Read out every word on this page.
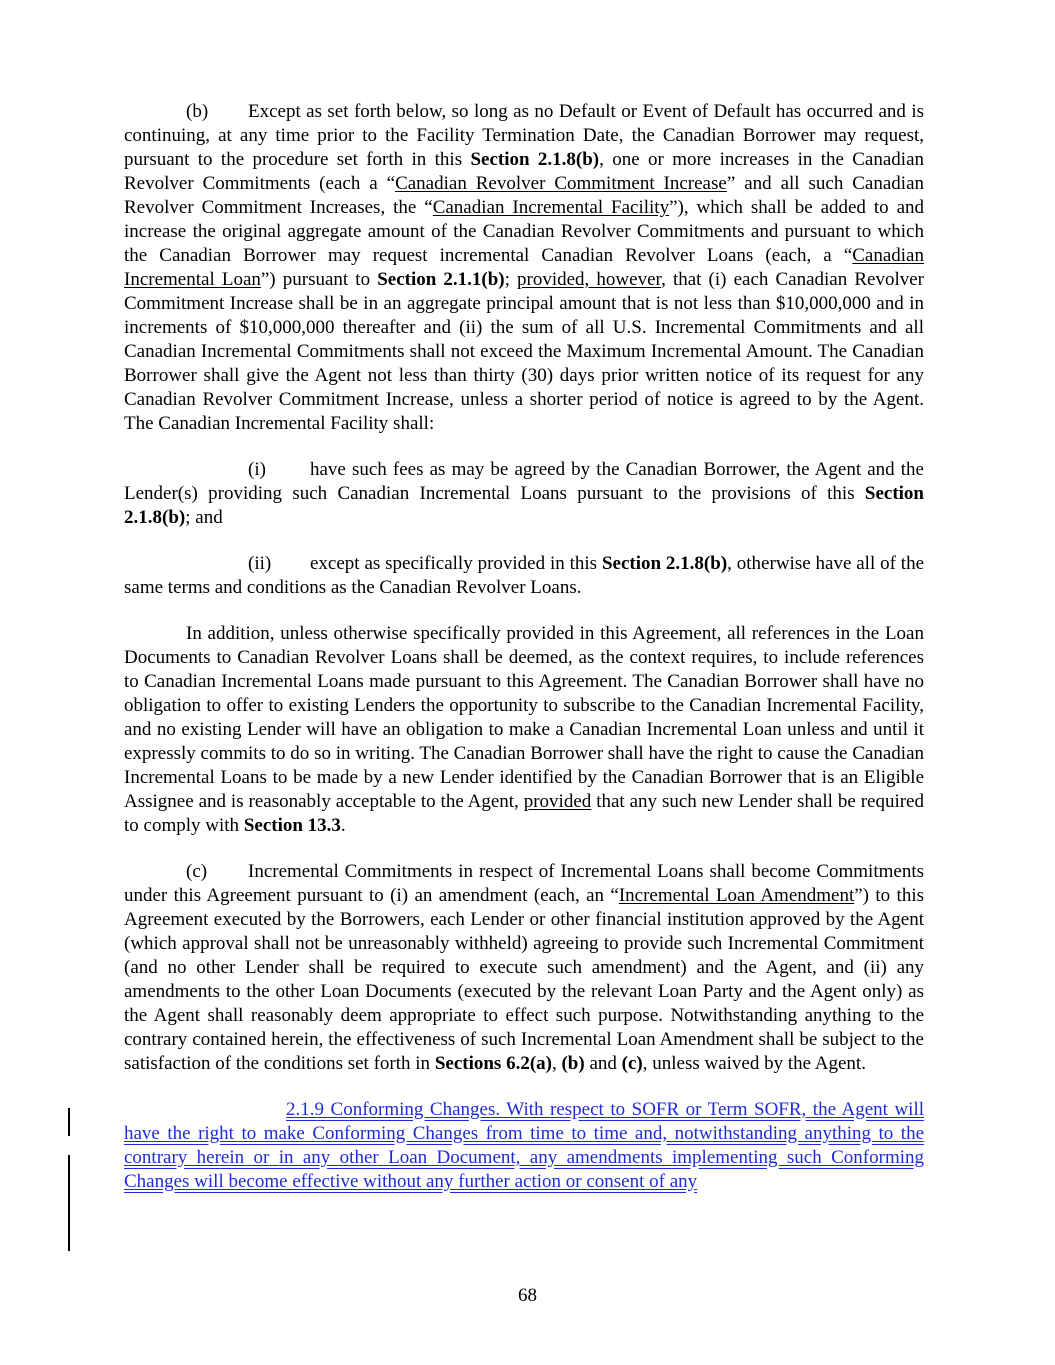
(b) Except as set forth below, so long as no Default or Event of Default has occurred and is continuing, at any time prior to the Facility Termination Date, the Canadian Borrower may request, pursuant to the procedure set forth in this Section 2.1.8(b), one or more increases in the Canadian Revolver Commitments (each a “Canadian Revolver Commitment Increase” and all such Canadian Revolver Commitment Increases, the “Canadian Incremental Facility”), which shall be added to and increase the original aggregate amount of the Canadian Revolver Commitments and pursuant to which the Canadian Borrower may request incremental Canadian Revolver Loans (each, a “Canadian Incremental Loan”) pursuant to Section 2.1.1(b); provided, however, that (i) each Canadian Revolver Commitment Increase shall be in an aggregate principal amount that is not less than $10,000,000 and in increments of $10,000,000 thereafter and (ii) the sum of all U.S. Incremental Commitments and all Canadian Incremental Commitments shall not exceed the Maximum Incremental Amount. The Canadian Borrower shall give the Agent not less than thirty (30) days prior written notice of its request for any Canadian Revolver Commitment Increase, unless a shorter period of notice is agreed to by the Agent. The Canadian Incremental Facility shall:

(i) have such fees as may be agreed by the Canadian Borrower, the Agent and the Lender(s) providing such Canadian Incremental Loans pursuant to the provisions of this Section 2.1.8(b); and

(ii) except as specifically provided in this Section 2.1.8(b), otherwise have all of the same terms and conditions as the Canadian Revolver Loans.

In addition, unless otherwise specifically provided in this Agreement, all references in the Loan Documents to Canadian Revolver Loans shall be deemed, as the context requires, to include references to Canadian Incremental Loans made pursuant to this Agreement. The Canadian Borrower shall have no obligation to offer to existing Lenders the opportunity to subscribe to the Canadian Incremental Facility, and no existing Lender will have an obligation to make a Canadian Incremental Loan unless and until it expressly commits to do so in writing. The Canadian Borrower shall have the right to cause the Canadian Incremental Loans to be made by a new Lender identified by the Canadian Borrower that is an Eligible Assignee and is reasonably acceptable to the Agent, provided that any such new Lender shall be required to comply with Section 13.3.

(c) Incremental Commitments in respect of Incremental Loans shall become Commitments under this Agreement pursuant to (i) an amendment (each, an “Incremental Loan Amendment”) to this Agreement executed by the Borrowers, each Lender or other financial institution approved by the Agent (which approval shall not be unreasonably withheld) agreeing to provide such Incremental Commitment (and no other Lender shall be required to execute such amendment) and the Agent, and (ii) any amendments to the other Loan Documents (executed by the relevant Loan Party and the Agent only) as the Agent shall reasonably deem appropriate to effect such purpose. Notwithstanding anything to the contrary contained herein, the effectiveness of such Incremental Loan Amendment shall be subject to the satisfaction of the conditions set forth in Sections 6.2(a), (b) and (c), unless waived by the Agent.

2.1.9 Conforming Changes. With respect to SOFR or Term SOFR, the Agent will have the right to make Conforming Changes from time to time and, notwithstanding anything to the contrary herein or in any other Loan Document, any amendments implementing such Conforming Changes will become effective without any further action or consent of any

68
